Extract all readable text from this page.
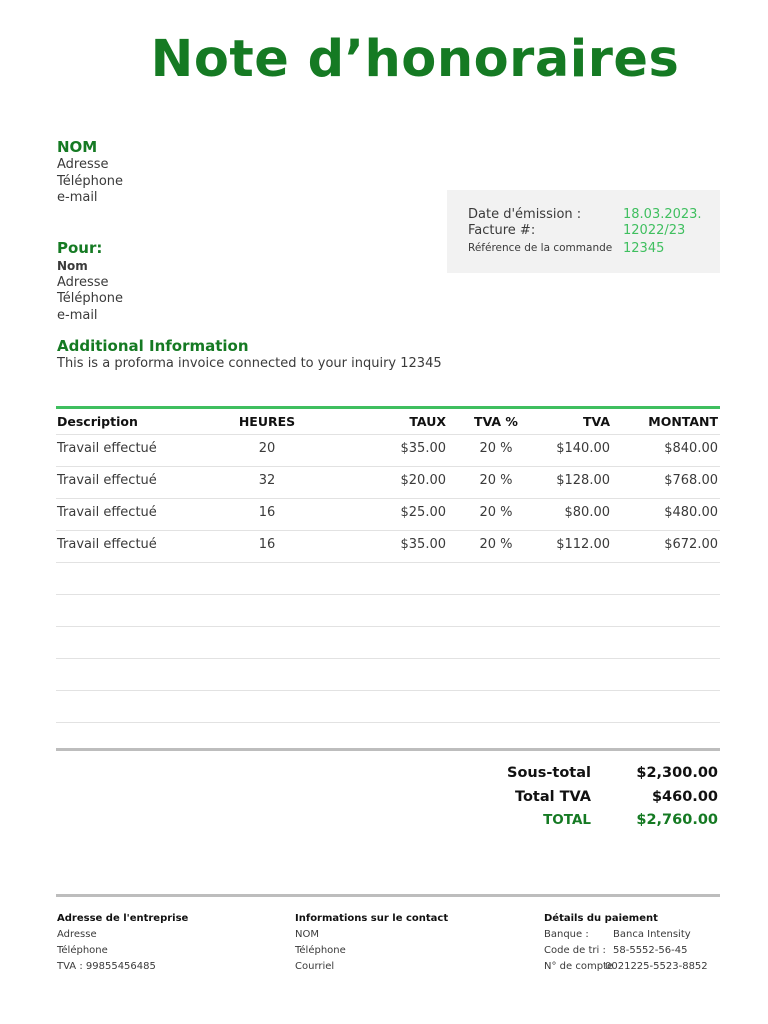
Note d’honoraires
NOM
Adresse
Téléphone
e-mail
Date d'émission :	18.03.2023.
Facture #:	12022/23
Référence de la commande 12345
Pour:
Nom
Adresse
Téléphone
e-mail
Additional Information
This is a proforma invoice connected to your inquiry 12345
Description	HEURES	TAUX	TVA %	TVA	MONTANT
Travail effectué	20	$35.00	20 %	$140.00	$840.00
Travail effectué	32	$20.00	20 %	$128.00	$768.00
Travail effectué	16	$25.00	20 %	$80.00	$480.00
Travail effectué	16	$35.00	20 %	$112.00	$672.00
Sous-total	$2,300.00
Total TVA	$460.00
TOTAL	$2,760.00
Adresse de l'entreprise
Adresse
Téléphone
TVA : 99855456485
Informations sur le contact
NOM
Téléphone
Courriel
Détails du paiement
Banque : Banca Intensity
Code de tri : 58-5552-56-45
N° de compte0021225-5523-8852
